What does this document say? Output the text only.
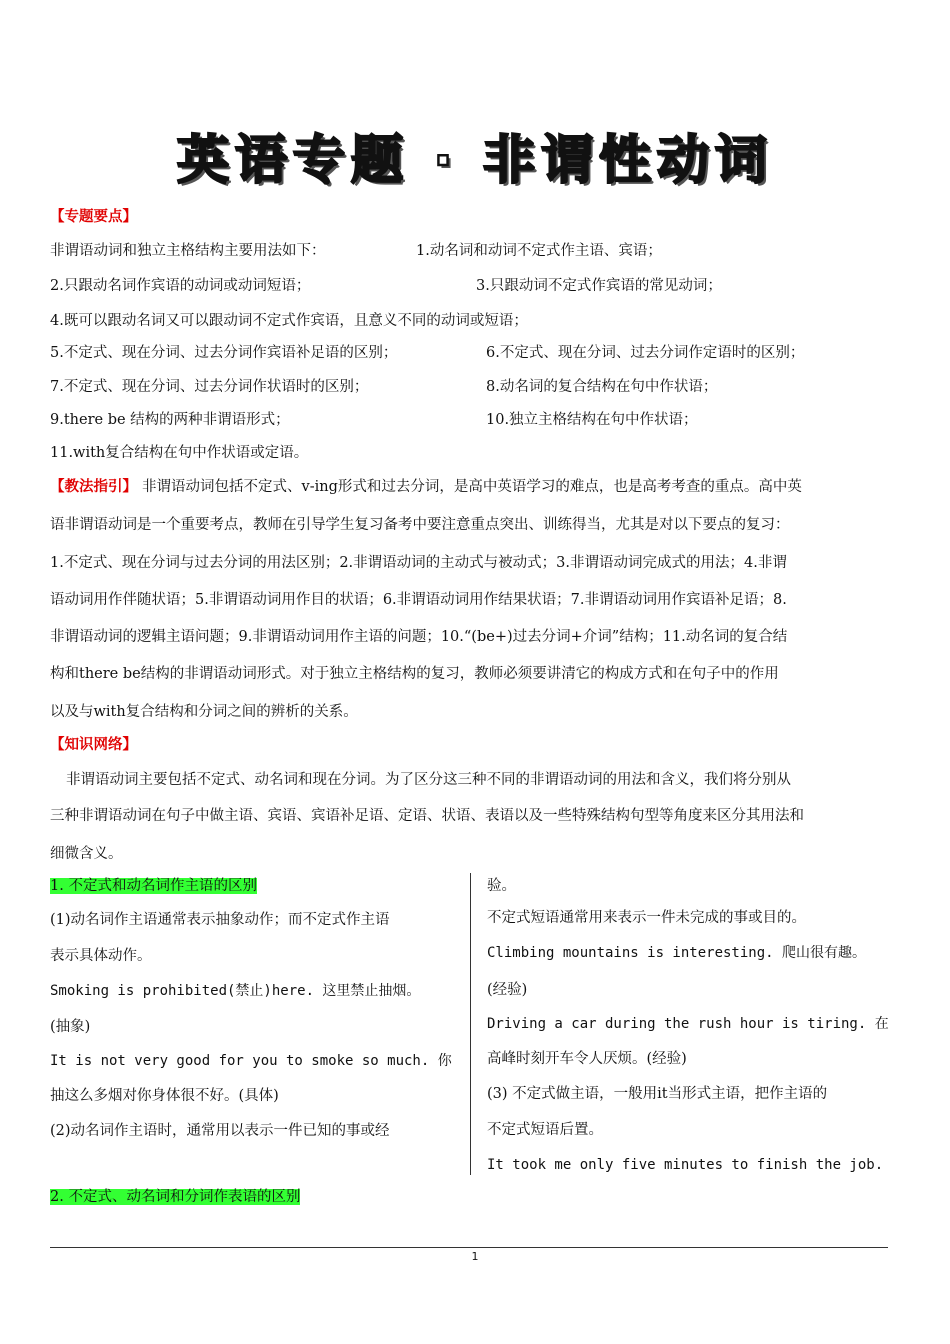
英语专题 · 非谓性动词
【专题要点】
非谓语动词和独立主格结构主要用法如下：	1.动名词和动词不定式作主语、宾语；
2.只跟动名词作宾语的动词或动词短语；	3.只跟动词不定式作宾语的常见动词；
4.既可以跟动名词又可以跟动词不定式作宾语，且意义不同的动词或短语；
5.不定式、现在分词、过去分词作宾语补足语的区别；	6.不定式、现在分词、过去分词作定语时的区别；
7.不定式、现在分词、过去分词作状语时的区别；	8.动名词的复合结构在句中作状语；
9.there be 结构的两种非谓语形式；	10.独立主格结构在句中作状语；
11.with复合结构在句中作状语或定语。
【教法指引】 非谓语动词包括不定式、v-ing形式和过去分词，是高中英语学习的难点，也是高考考查的重点。高中英
语非谓语动词是一个重要考点，教师在引导学生复习备考中要注意重点突出、训练得当，尤其是对以下要点的复习：
1.不定式、现在分词与过去分词的用法区别；2.非谓语动词的主动式与被动式；3.非谓语动词完成式的用法；4.非谓
语动词用作伴随状语；5.非谓语动词用作目的状语；6.非谓语动词用作结果状语；7.非谓语动词用作宾语补足语；8.
非谓语动词的逻辑主语问题；9.非谓语动词用作主语的问题；10.“(be+)过去分词+介词”结构；11.动名词的复合结
构和there be结构的非谓语动词形式。对于独立主格结构的复习，教师必须要讲清它的构成方式和在句子中的作用
以及与with复合结构和分词之间的辨析的关系。
【知识网络】
非谓语动词主要包括不定式、动名词和现在分词。为了区分这三种不同的非谓语动词的用法和含义，我们将分别从
三种非谓语动词在句子中做主语、宾语、宾语补足语、定语、状语、表语以及一些特殊结构句型等角度来区分其用法和
细微含义。
1. 不定式和动名词作主语的区别
(1)动名词作主语通常表示抽象动作；而不定式作主语
表示具体动作。
Smoking is prohibited(禁止)here. 这里禁止抽烟。
(抽象)
It is not very good for you to smoke so much. 你
抽这么多烟对你身体很不好。(具体)
(2)动名词作主语时，通常用以表示一件已知的事或经
验。
不定式短语通常用来表示一件未完成的事或目的。
Climbing mountains is interesting. 爬山很有趣。
(经验)
Driving a car during the rush hour is tiring. 在
高峰时刻开车令人厌烦。(经验)
(3) 不定式做主语，一般用it当形式主语，把作主语的
不定式短语后置。
It took me only five minutes to finish the job.
2. 不定式、动名词和分词作表语的区别
1
